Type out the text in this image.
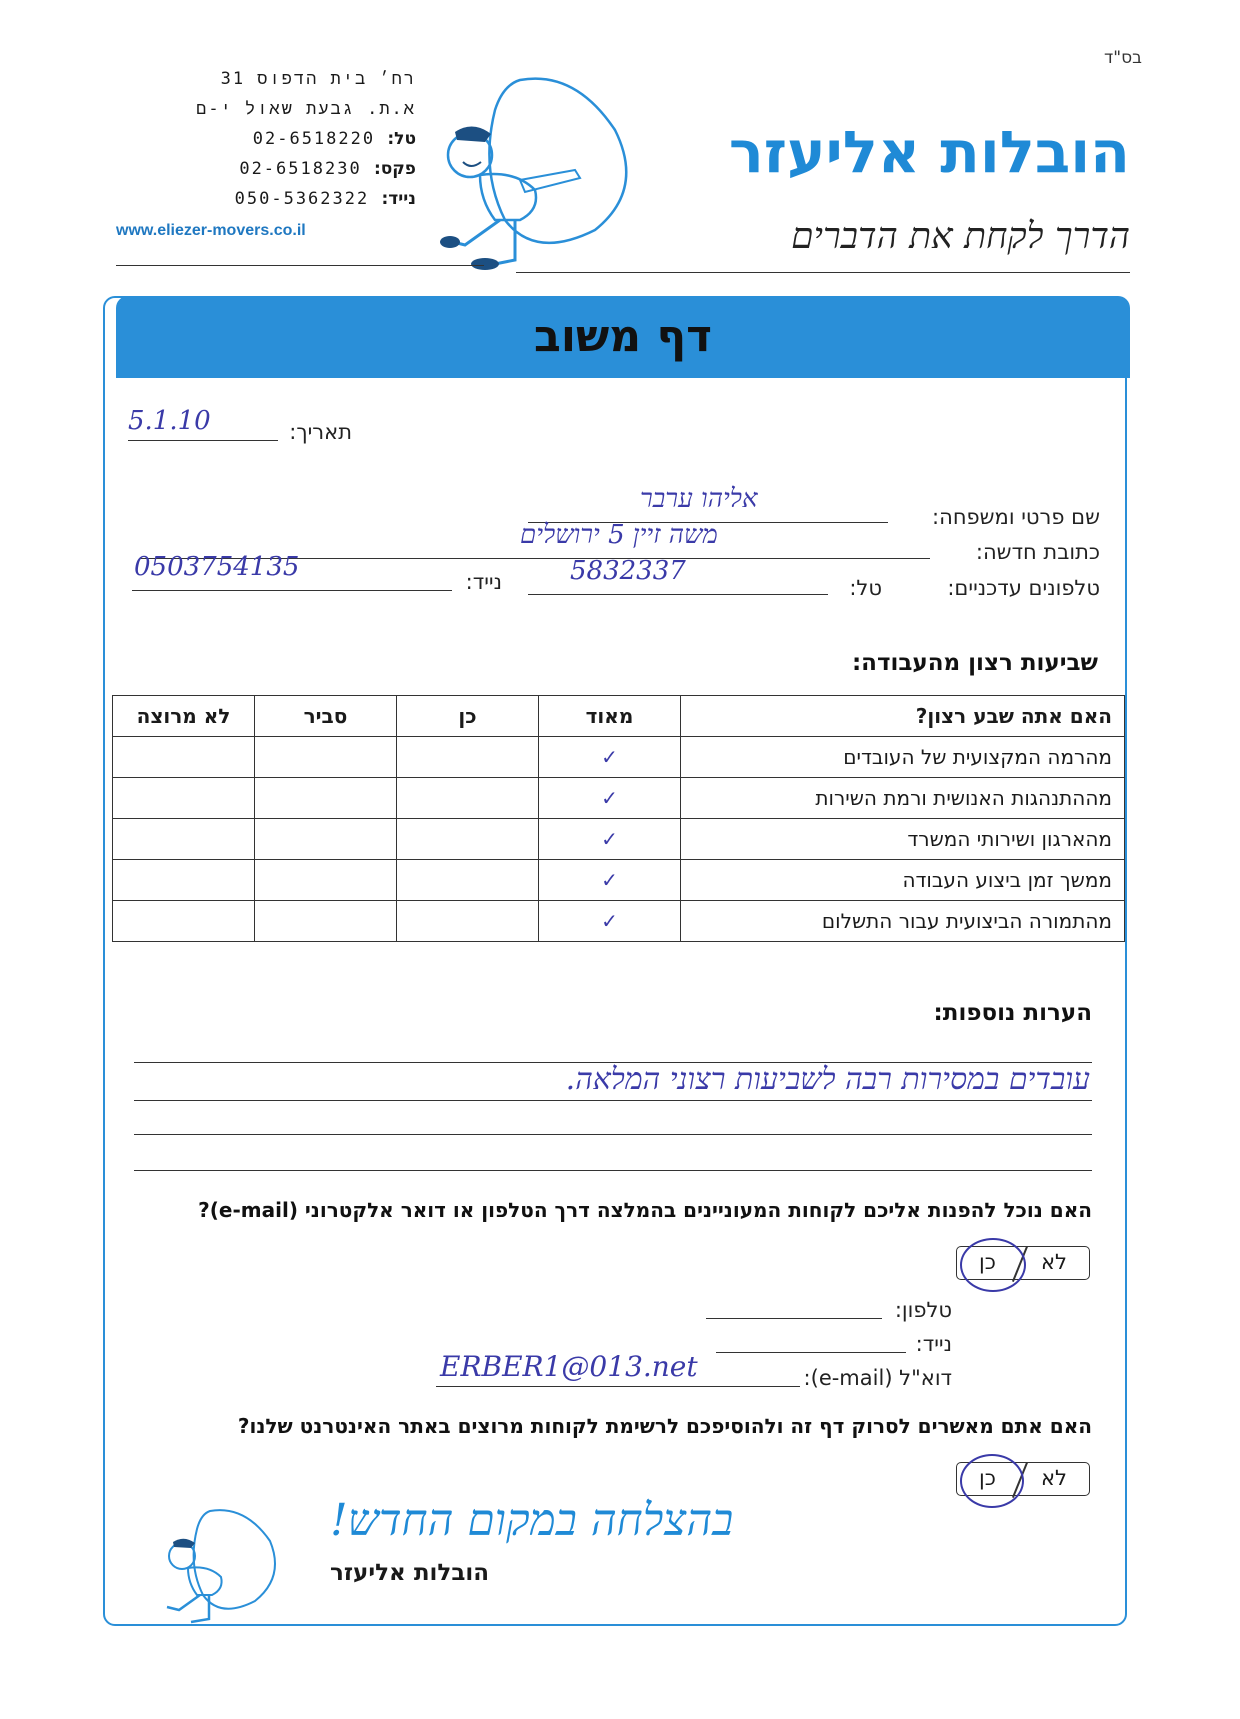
בס"ד
רח׳ בית הדפוס 31
א.ת. גבעת שאול י-ם
טל: 02-6518220
פקס: 02-6518230
נייד: 050-5362322
www.eliezer-movers.co.il
הובלות אליעזר
הדרך לקחת את הדברים
דף משוב
תאריך:
5.1.10
שם פרטי ומשפחה:
אליהו ערבר
כתובת חדשה:
משה זיין 5 ירושלים
טלפונים עדכניים:
טל:
5832337
נייד:
0503754135
שביעות רצון מהעבודה:
לא מרוצה	סביר	כן	מאוד	האם אתה שבע רצון?
			✓	מהרמה המקצועית של העובדים
			✓	מההתנהגות האנושית ורמת השירות
			✓	מהארגון ושירותי המשרד
			✓	ממשך זמן ביצוע העבודה
			✓	מהתמורה הביצועית עבור התשלום
הערות נוספות:
עובדים במסירות רבה לשביעות רצוני המלאה.
האם נוכל להפנות אליכם לקוחות המעוניינים בהמלצה דרך הטלפון או דואר אלקטרוני (e-mail)?
כן לא
טלפון:
נייד:
דוא"ל (e-mail):
ERBER1@013.net
האם אתם מאשרים לסרוק דף זה ולהוסיפכם לרשימת לקוחות מרוצים באתר האינטרנט שלנו?
כן לא
בהצלחה במקום החדש!
הובלות אליעזר
